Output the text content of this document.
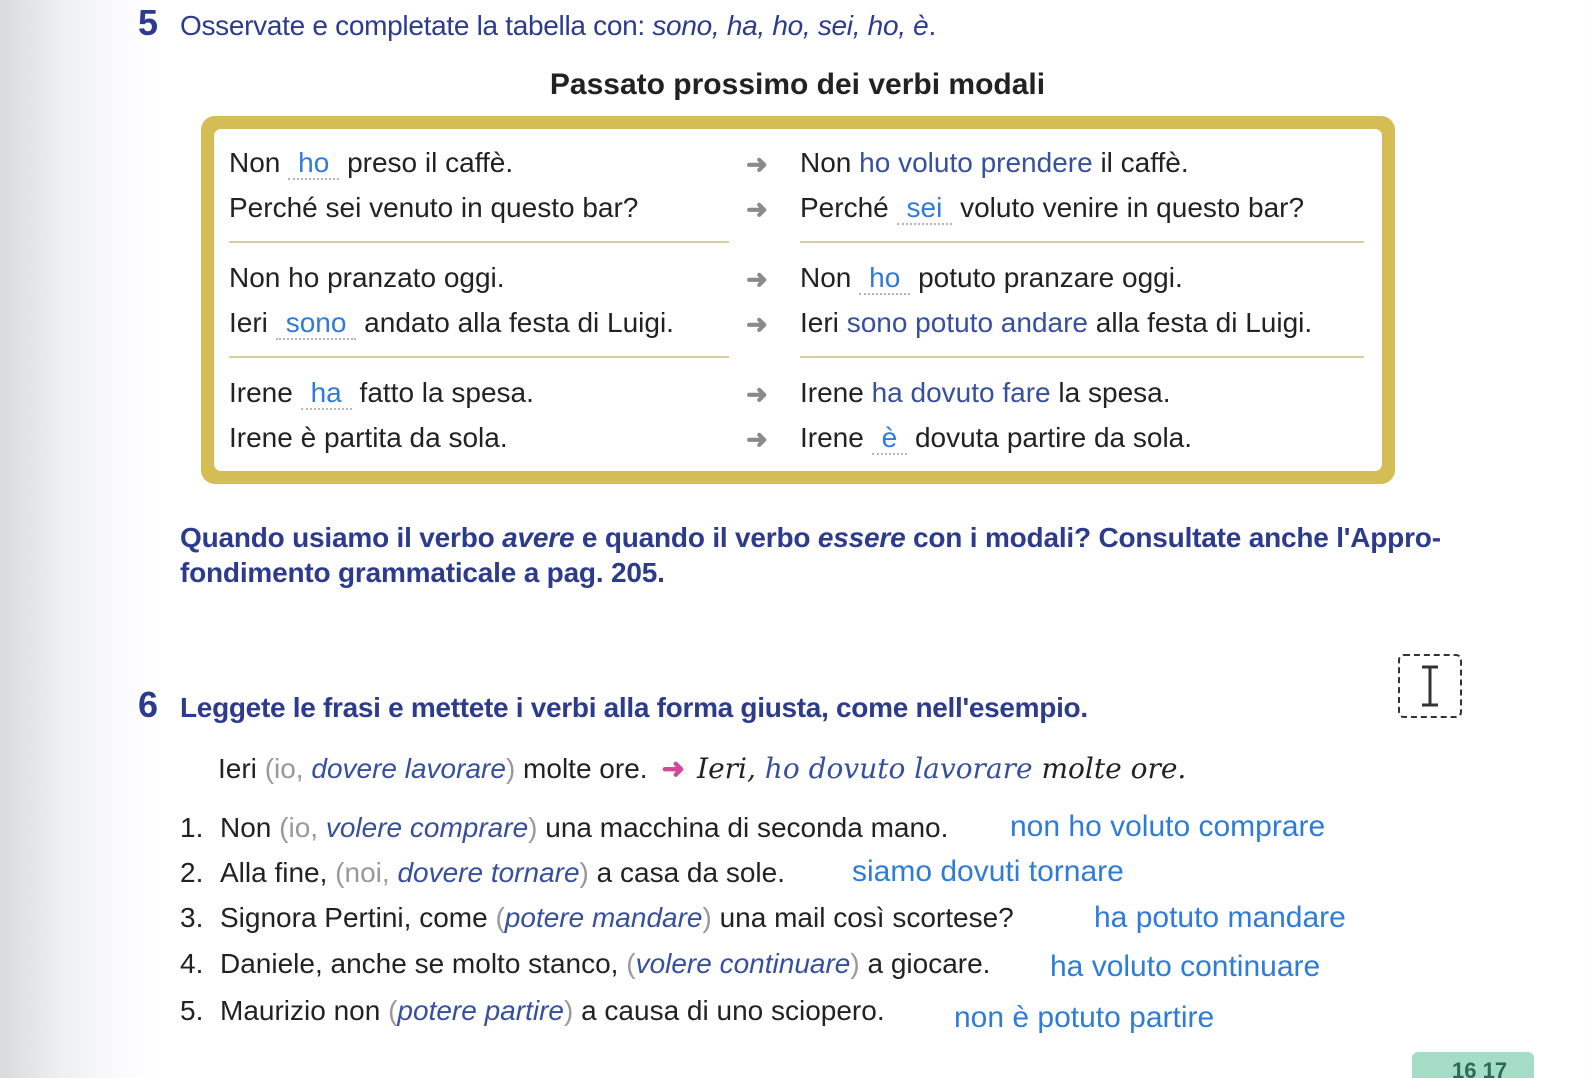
5 Osservate e completate la tabella con: sono, ha, ho, sei, ho, è.
Passato prossimo dei verbi modali
Non ho preso il caffè.	➜ Non ho voluto prendere il caffè.
Perché sei venuto in questo bar?	➜ Perché sei voluto venire in questo bar?
Non ho pranzato oggi.	➜ Non ho potuto pranzare oggi.
Ieri sono andato alla festa di Luigi.	➜ Ieri sono potuto andare alla festa di Luigi.
Irene ha fatto la spesa.	➜ Irene ha dovuto fare la spesa.
Irene è partita da sola.	➜ Irene è dovuta partire da sola.
Quando usiamo il verbo avere e quando il verbo essere con i modali? Consultate anche l'Appro-
fondimento grammaticale a pag. 205.
6 Leggete le frasi e mettete i verbi alla forma giusta, come nell'esempio.
Ieri (io, dovere lavorare) molte ore. ➜ Ieri, ho dovuto lavorare molte ore.
1. Non (io, volere comprare) una macchina di seconda mano. non ho voluto comprare
2. Alla fine, (noi, dovere tornare) a casa da sole. siamo dovuti tornare
3. Signora Pertini, come (potere mandare) una mail così scortese?	ha potuto mandare
4. Daniele, anche se molto stanco, (volere continuare) a giocare. ha voluto continuare
5. Maurizio non (potere partire) a causa di uno sciopero. non è potuto partire
16 17
